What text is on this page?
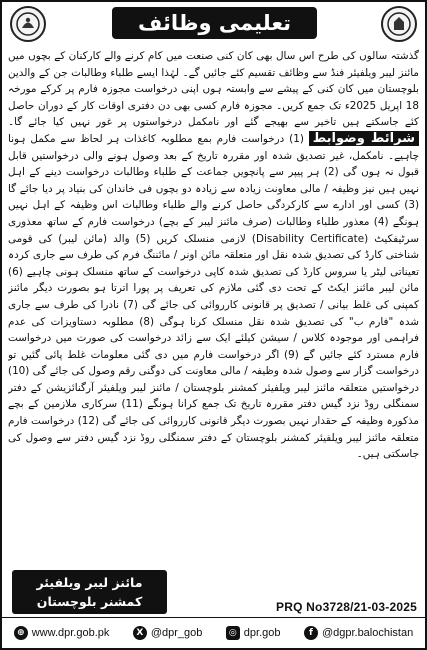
تعلیمی وظائف

گذشتہ سالوں کی طرح اس سال بھی کان کنی صنعت میں کام کرنے والے کارکنان کے بچوں میں مائنز لیبر ویلفیئر فنڈ سے وظائف تقسیم کئے جائیں گے۔ لہٰذا ایسے طلباء وطالبات جن کے والدین بلوچستان میں کان کنی کے پیشے سے وابستہ ہوں اپنی درخواست مجوزہ فارم پر کرکے مورخہ 18 اپریل 2025ء تک جمع کریں۔ مجوزہ فارم کسی بھی دن دفتری اوقات کار کے دوران حاصل کئے جاسکتے ہیں تاخیر سے بھیجے گئے اور نامکمل درخواستوں پر غور نہیں کیا جائے گا۔ شرائط وضوابط (1) درخواست فارم بمع مطلوبہ کاغذات ہر لحاظ سے مکمل ہونا چاہیے۔ نامکمل، غیر تصدیق شدہ اور مقررہ تاریخ کے بعد وصول ہونے والی درخواستیں قابل قبول نہ ہوں گی (2) ہر پیپر سے پانچویں جماعت کے طلباء وطالبات درخواست دینے کے اہل نہیں ہیں نیز وظیفہ / مالی معاونت زیادہ سے زیادہ دو بچوں فی خاندان کی بنیاد پر دیا جائے گا (3) کسی اور ادارے سے کارکردگی حاصل کرنے والے طلباء وطالبات اس وظیفہ کے اہل نہیں ہونگے (4) معذور طلباء وطالبات (صرف مائنز لیبر کے بچے) درخواست فارم کے ساتھ معذوری سرٹیفکیٹ (Disability Certificate) لازمی منسلک کریں (5) والد (مائن لیبر) کی قومی شناختی کارڈ کی تصدیق شدہ نقل اور متعلقہ مائن اونر / مائننگ فرم کی طرف سے جاری کردہ تعیناتی لیٹر یا سروس کارڈ کی تصدیق شدہ کاپی درخواست کے ساتھ منسلک ہونی چاہیے (6) مائن لیبر مائنز ایکٹ کے تحت دی گئی ملازم کی تعریف پر پورا اترتا ہو بصورت دیگر مائنز کمپنی کی غلط بیانی / تصدیق پر قانونی کارروائی کی جائے گی (7) نادرا کی طرف سے جاری شدہ "فارم ب" کی تصدیق شدہ نقل منسلک کرنا ہوگی (8) مطلوبہ دستاویزات کی عدم فراہمی اور موجودہ کلاس / سیشن کیلئے ایک سے زائد درخواست کی صورت میں درخواست فارم مسترد کئے جائیں گے (9) اگر درخواست فارم میں دی گئی معلومات غلط پائی گئیں تو درخواست گزار سے وصول شدہ وظیفہ / مالی معاونت کی دوگنی رقم وصول کی جائے گی (10) درخواستیں متعلقہ مائنز لیبر ویلفیئر کمشنر بلوچستان / مائنز لیبر ویلفیئر آرگنائزیشن کے دفتر سمنگلی روڈ نزد گیس دفتر مقررہ تاریخ تک جمع کرانا ہونگے (11) سرکاری ملازمین کے بچے مذکورہ وظیفہ کے حقدار نہیں بصورت دیگر قانونی کارروائی کی جائے گی (12) درخواست فارم متعلقہ مائنز لیبر ویلفیئر کمشنر بلوچستان کے دفتر سمنگلی روڈ نزد گیس دفتر سے وصول کی جاسکتی ہیں۔

مائنز لیبر ویلفیئر
کمشنر بلوچستان	PRQ No3728/21-03-2025
⊕ www.dpr.gob.pk	X @dpr_gob	◎ dpr.gob	f @dgpr.balochistan
